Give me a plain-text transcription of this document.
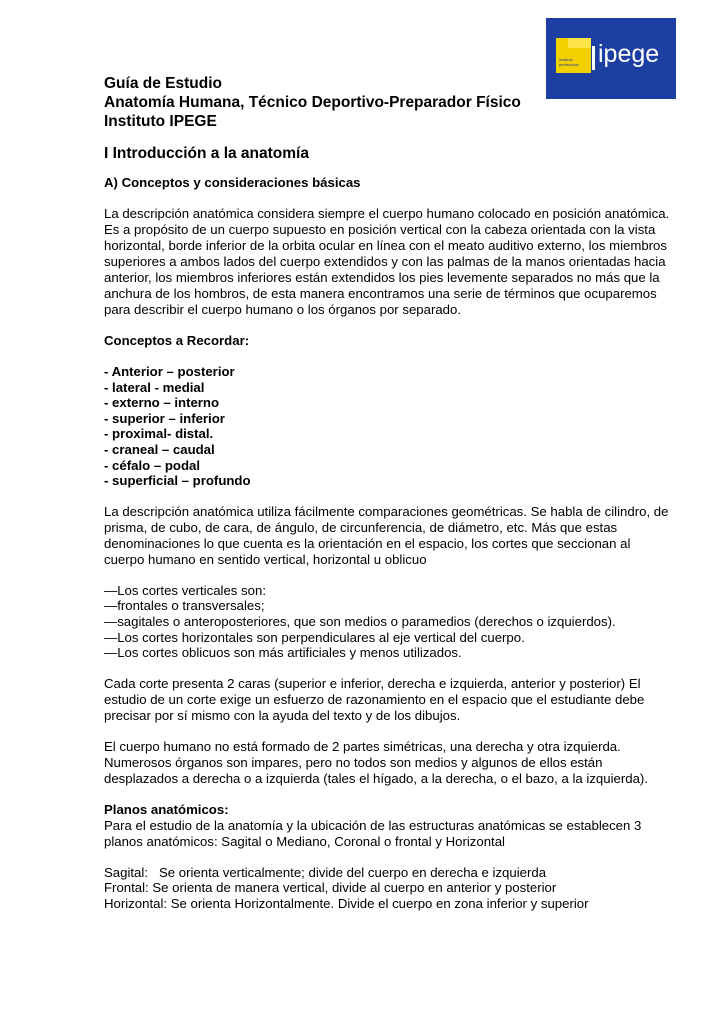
instituto
profesional ipege
Guía de Estudio
Anatomía Humana, Técnico Deportivo-Preparador Físico
Instituto IPEGE
I Introducción a la anatomía
A) Conceptos y consideraciones básicas

La descripción anatómica considera siempre el cuerpo humano colocado en posición anatómica. Es a propósito de un cuerpo supuesto en posición vertical con la cabeza orientada con la vista horizontal, borde inferior de la orbita ocular en línea con el meato auditivo externo, los miembros superiores a ambos lados del cuerpo extendidos y con las palmas de la manos orientadas hacia anterior, los miembros inferiores están extendidos los pies levemente separados no más que la anchura de los hombros, de esta manera encontramos una serie de términos que ocuparemos para describir el cuerpo humano o los órganos por separado.

Conceptos a Recordar:

- Anterior – posterior
- lateral - medial
- externo – interno
- superior – inferior
- proximal- distal.
- craneal – caudal
- céfalo – podal
- superficial – profundo

La descripción anatómica utiliza fácilmente comparaciones geométricas. Se habla de cilindro, de prisma, de cubo, de cara, de ángulo, de circunferencia, de diámetro, etc. Más que estas denominaciones lo que cuenta es la orientación en el espacio, los cortes que seccionan al cuerpo humano en sentido vertical, horizontal u oblicuo

—Los cortes verticales son:
—frontales o transversales;
—sagitales o anteroposteriores, que son medios o paramedios (derechos o izquierdos).
—Los cortes horizontales son perpendiculares al eje vertical del cuerpo.
—Los cortes oblicuos son más artificiales y menos utilizados.

Cada corte presenta 2 caras (superior e inferior, derecha e izquierda, anterior y posterior) El estudio de un corte exige un esfuerzo de razonamiento en el espacio que el estudiante debe precisar por sí mismo con la ayuda del texto y de los dibujos.

El cuerpo humano no está formado de 2 partes simétricas, una derecha y otra izquierda. Numerosos órganos son impares, pero no todos son medios y algunos de ellos están desplazados a derecha o a izquierda (tales el hígado, a la derecha, o el bazo, a la izquierda).

Planos anatómicos:

Para el estudio de la anatomía y la ubicación de las estructuras anatómicas se establecen 3 planos anatómicos: Sagital o Mediano, Coronal o frontal y Horizontal
Sagital:   Se orienta verticalmente; divide del cuerpo en derecha e izquierda
Frontal: Se orienta de manera vertical, divide al cuerpo en anterior y posterior
Horizontal: Se orienta Horizontalmente. Divide el cuerpo en zona inferior y superior
